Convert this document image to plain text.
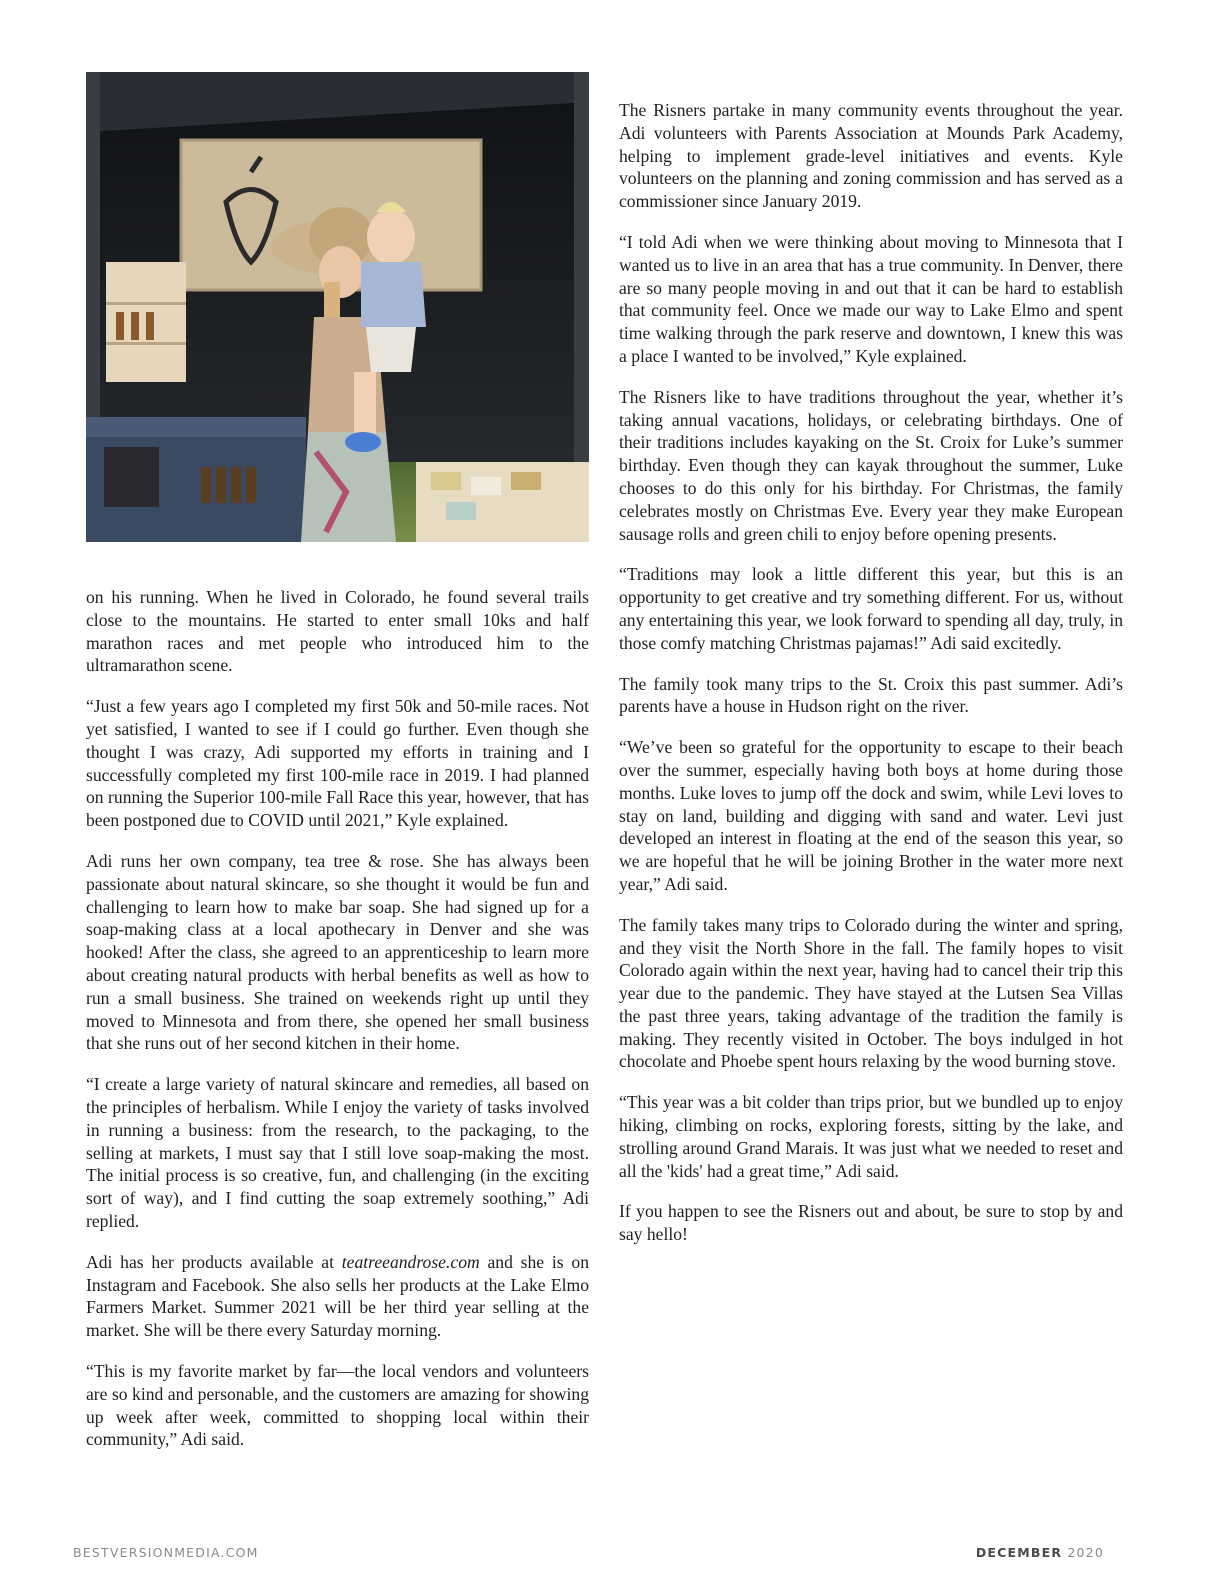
on his running. When he lived in Colorado, he found several trails close to the mountains. He started to enter small 10ks and half marathon races and met people who introduced him to the ultramarathon scene.

“Just a few years ago I completed my first 50k and 50-mile races. Not yet satisfied, I wanted to see if I could go further. Even though she thought I was crazy, Adi supported my efforts in training and I successfully completed my first 100-mile race in 2019. I had planned on running the Superior 100-mile Fall Race this year, however, that has been postponed due to COVID until 2021,” Kyle explained.

Adi runs her own company, tea tree & rose. She has always been passionate about natural skincare, so she thought it would be fun and challenging to learn how to make bar soap. She had signed up for a soap-making class at a local apothecary in Denver and she was hooked! After the class, she agreed to an apprenticeship to learn more about creating natural products with herbal benefits as well as how to run a small business. She trained on weekends right up until they moved to Minnesota and from there, she opened her small business that she runs out of her second kitchen in their home.

“I create a large variety of natural skincare and remedies, all based on the principles of herbalism. While I enjoy the variety of tasks involved in running a business: from the research, to the packaging, to the selling at markets, I must say that I still love soap-making the most. The initial process is so creative, fun, and challenging (in the exciting sort of way), and I find cutting the soap extremely soothing,” Adi replied.

Adi has her products available at teatreeandrose.com and she is on Instagram and Facebook. She also sells her products at the Lake Elmo Farmers Market. Summer 2021 will be her third year selling at the market. She will be there every Saturday morning.

“This is my favorite market by far—the local vendors and volunteers are so kind and personable, and the customers are amazing for showing up week after week, committed to shopping local within their community,” Adi said.

The Risners partake in many community events throughout the year. Adi volunteers with Parents Association at Mounds Park Academy, helping to implement grade-level initiatives and events. Kyle volunteers on the planning and zoning commission and has served as a commissioner since January 2019.

“I told Adi when we were thinking about moving to Minnesota that I wanted us to live in an area that has a true community. In Denver, there are so many people moving in and out that it can be hard to establish that community feel. Once we made our way to Lake Elmo and spent time walking through the park reserve and downtown, I knew this was a place I wanted to be involved,” Kyle explained.

The Risners like to have traditions throughout the year, whether it’s taking annual vacations, holidays, or celebrating birthdays. One of their traditions includes kayaking on the St. Croix for Luke’s summer birthday. Even though they can kayak throughout the summer, Luke chooses to do this only for his birthday. For Christmas, the family celebrates mostly on Christmas Eve. Every year they make European sausage rolls and green chili to enjoy before opening presents.

“Traditions may look a little different this year, but this is an opportunity to get creative and try something different. For us, without any entertaining this year, we look forward to spending all day, truly, in those comfy matching Christmas pajamas!” Adi said excitedly.

The family took many trips to the St. Croix this past summer. Adi’s parents have a house in Hudson right on the river.

“We’ve been so grateful for the opportunity to escape to their beach over the summer, especially having both boys at home during those months. Luke loves to jump off the dock and swim, while Levi loves to stay on land, building and digging with sand and water. Levi just developed an interest in floating at the end of the season this year, so we are hopeful that he will be joining Brother in the water more next year,” Adi said.

The family takes many trips to Colorado during the winter and spring, and they visit the North Shore in the fall. The family hopes to visit Colorado again within the next year, having had to cancel their trip this year due to the pandemic. They have stayed at the Lutsen Sea Villas the past three years, taking advantage of the tradition the family is making. They recently visited in October. The boys indulged in hot chocolate and Phoebe spent hours relaxing by the wood burning stove.

“This year was a bit colder than trips prior, but we bundled up to enjoy hiking, climbing on rocks, exploring forests, sitting by the lake, and strolling around Grand Marais. It was just what we needed to reset and all the 'kids' had a great time,” Adi said.

If you happen to see the Risners out and about, be sure to stop by and say hello!

BESTVERSIONMEDIA.COM	DECEMBER 2020
